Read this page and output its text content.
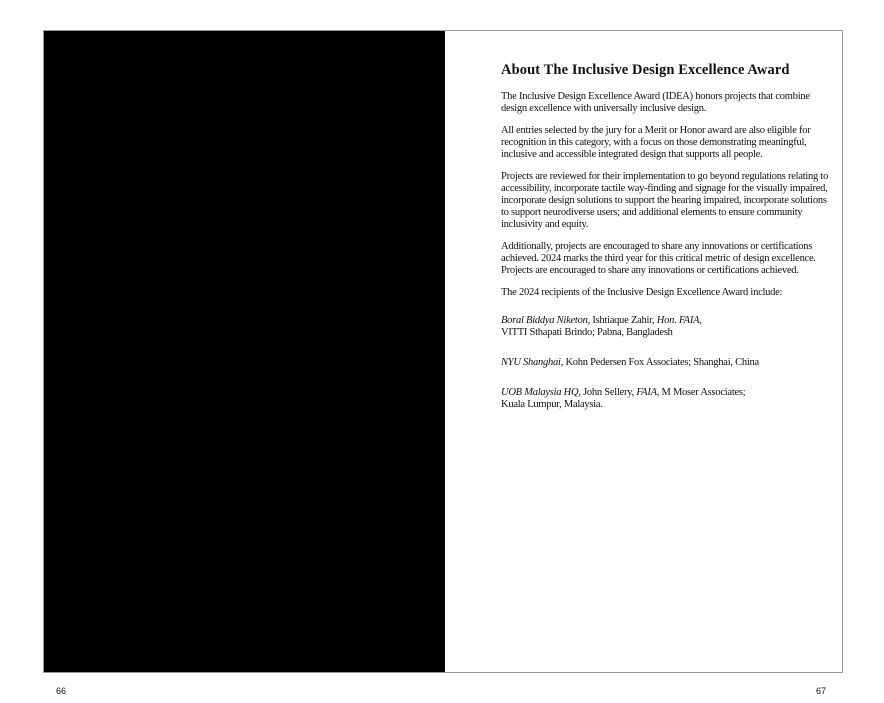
About The Inclusive Design Excellence Award

The Inclusive Design Excellence Award (IDEA) honors projects that combine design excellence with universally inclusive design.

All entries selected by the jury for a Merit or Honor award are also eligible for recognition in this category, with a focus on those demonstrating meaningful, inclusive and accessible integrated design that supports all people.

Projects are reviewed for their implementation to go beyond regulations relating to accessibility, incorporate tactile way-finding and signage for the visually impaired, incorporate design solutions to support the hearing impaired, incorporate solutions to support neurodiverse users; and additional elements to ensure community inclusivity and equity.

Additionally, projects are encouraged to share any innovations or certifications achieved. 2024 marks the third year for this critical metric of design excellence. Projects are encouraged to share any innovations or certifications achieved.

The 2024 recipients of the Inclusive Design Excellence Award include:

Boral Biddya Niketon, Ishtiaque Zahir, Hon. FAIA,
VITTI Sthapati Brindo; Pabna, Bangladesh

NYU Shanghai, Kohn Pedersen Fox Associates; Shanghai, China

UOB Malaysia HQ, John Sellery, FAIA, M Moser Associates;
Kuala Lumpur, Malaysia.

66	67
